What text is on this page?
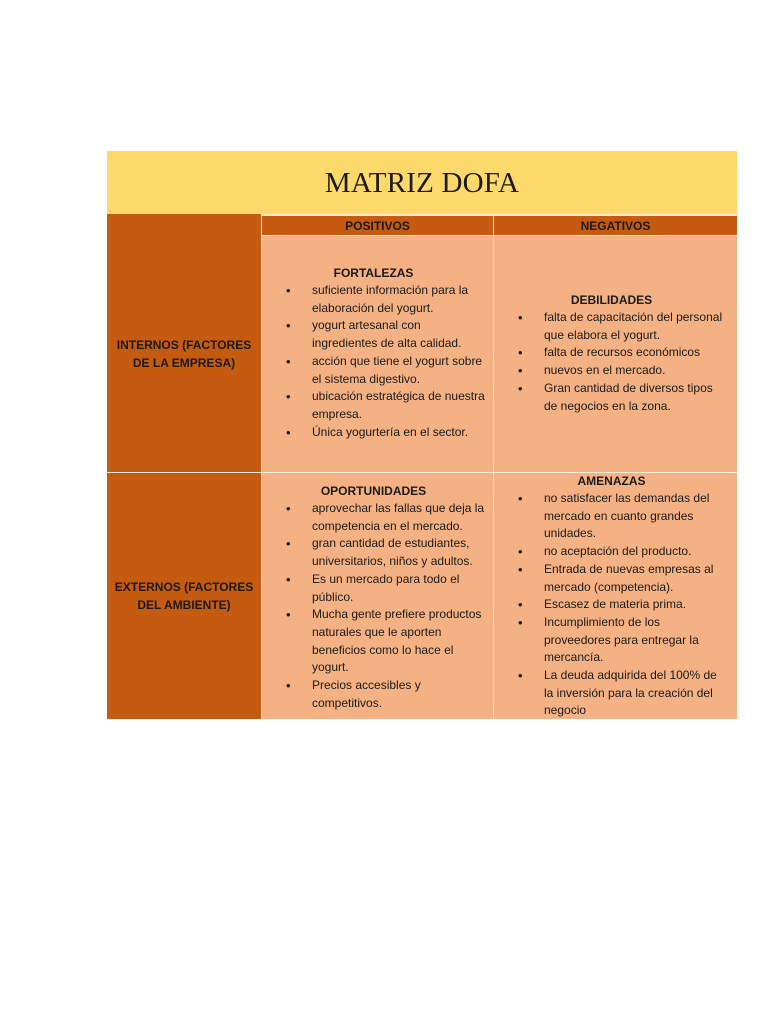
MATRIZ DOFA
POSITIVOS	NEGATIVOS
INTERNOS (FACTORES DE LA EMPRESA)
EXTERNOS (FACTORES DEL AMBIENTE)
FORTALEZAS
• suficiente información para la elaboración del yogurt.
• yogurt artesanal con ingredientes de alta calidad.
• acción que tiene el yogurt sobre el sistema digestivo.
• ubicación estratégica de nuestra empresa.
• Única yogurtería en el sector.
DEBILIDADES
• falta de capacitación del personal que elabora el yogurt.
• falta de recursos económicos
• nuevos en el mercado.
• Gran cantidad de diversos tipos de negocios en la zona.
OPORTUNIDADES
• aprovechar las fallas que deja la competencia en el mercado.
• gran cantidad de estudiantes, universitarios, niños y adultos.
• Es un mercado para todo el público.
• Mucha gente prefiere productos naturales que le aporten beneficios como lo hace el yogurt.
• Precios accesibles y competitivos.
AMENAZAS
• no satisfacer las demandas del mercado en cuanto grandes unidades.
• no aceptación del producto.
• Entrada de nuevas empresas al mercado (competencia).
• Escasez de materia prima.
• Incumplimiento de los proveedores para entregar la mercancía.
• La deuda adquirida del 100% de la inversión para la creación del negocio
